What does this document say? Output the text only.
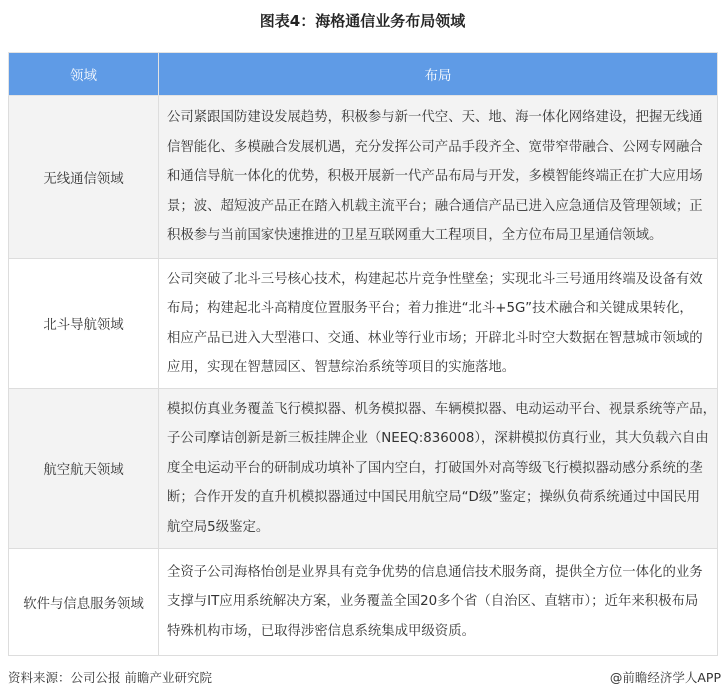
图表4：海格通信业务布局领域
领域	布局
无线通信领域	公司紧跟国防建设发展趋势，积极参与新一代空、天、地、海一体化网络建设，把握无线通
信智能化、多模融合发展机遇，充分发挥公司产品手段齐全、宽带窄带融合、公网专网融合
和通信导航一体化的优势，积极开展新一代产品布局与开发，多模智能终端正在扩大应用场
景；波、超短波产品正在踏入机载主流平台；融合通信产品已进入应急通信及管理领域；正
积极参与当前国家快速推进的卫星互联网重大工程项目，全方位布局卫星通信领域。

北斗导航领域	公司突破了北斗三号核心技术，构建起芯片竞争性壁垒；实现北斗三号通用终端及设备有效
布局；构建起北斗高精度位置服务平台；着力推进“北斗+5G”技术融合和关键成果转化，
相应产品已进入大型港口、交通、林业等行业市场；开辟北斗时空大数据在智慧城市领域的
应用，实现在智慧园区、智慧综治系统等项目的实施落地。

航空航天领域	模拟仿真业务覆盖飞行模拟器、机务模拟器、车辆模拟器、电动运动平台、视景系统等产品，
子公司摩诘创新是新三板挂牌企业（NEEQ:836008），深耕模拟仿真行业，其大负载六自由
度全电运动平台的研制成功填补了国内空白，打破国外对高等级飞行模拟器动感分系统的垄
断；合作开发的直升机模拟器通过中国民用航空局“D级”鉴定；操纵负荷系统通过中国民用
航空局5级鉴定。

软件与信息服务领域	全资子公司海格怡创是业界具有竞争优势的信息通信技术服务商，提供全方位一体化的业务
支撑与IT应用系统解决方案，业务覆盖全国20多个省（自治区、直辖市）；近年来积极布局
特殊机构市场，已取得涉密信息系统集成甲级资质。
资料来源：公司公报 前瞻产业研究院	@前瞻经济学人APP
